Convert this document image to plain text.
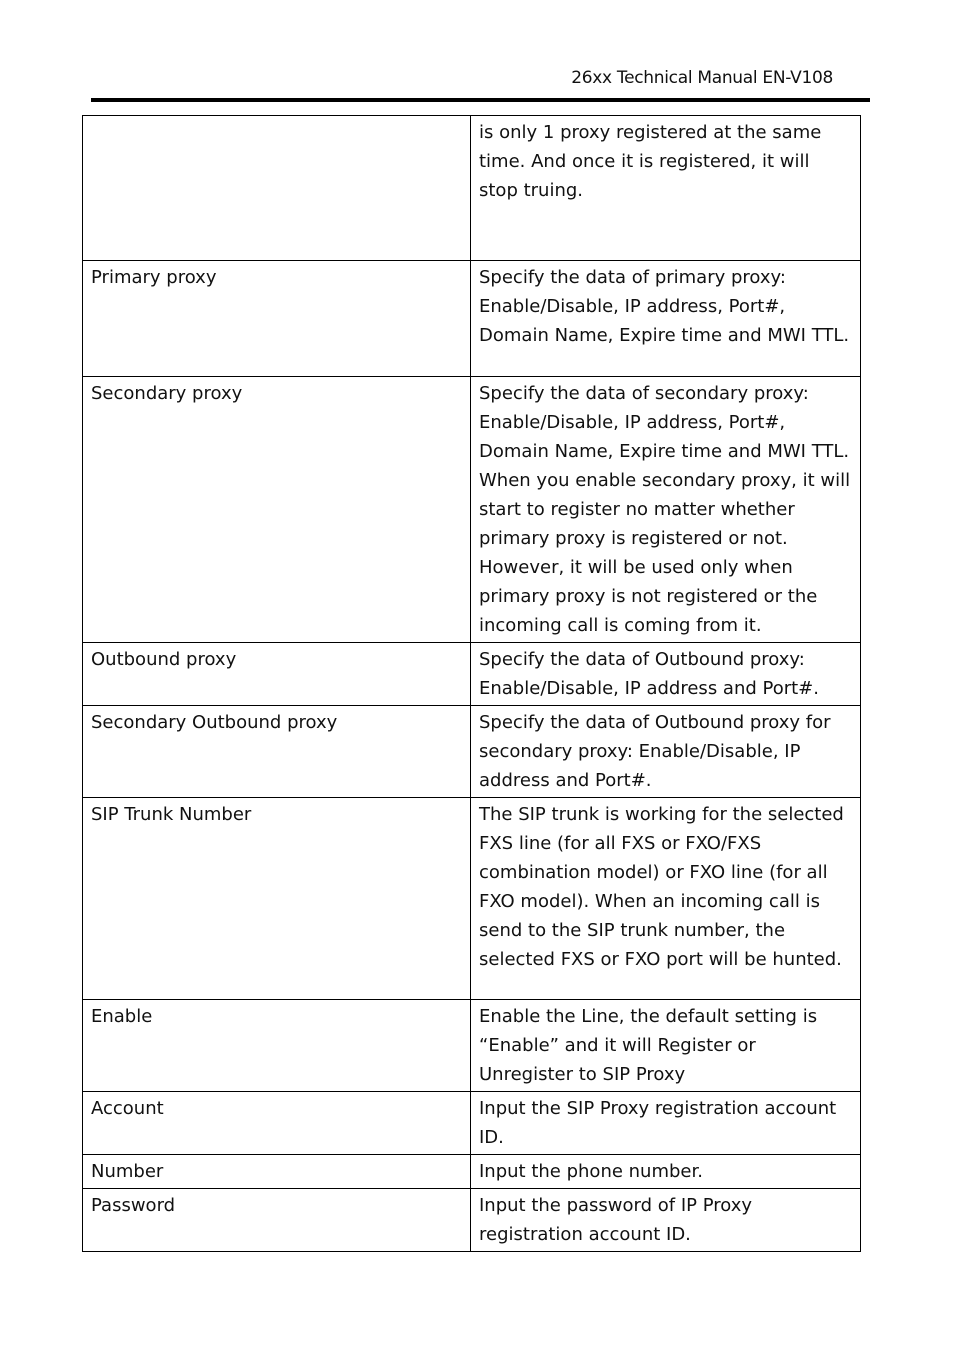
26xx Technical Manual EN-V108
	is only 1 proxy registered at the same time. And once it is registered, it will stop truing.
Primary proxy	Specify the data of primary proxy: Enable/Disable, IP address, Port#, Domain Name, Expire time and MWI TTL.
Secondary proxy	Specify the data of secondary proxy: Enable/Disable, IP address, Port#, Domain Name, Expire time and MWI TTL. When you enable secondary proxy, it will start to register no matter whether primary proxy is registered or not. However, it will be used only when primary proxy is not registered or the incoming call is coming from it.
Outbound proxy	Specify the data of Outbound proxy: Enable/Disable, IP address and Port#.
Secondary Outbound proxy	Specify the data of Outbound proxy for secondary proxy: Enable/Disable, IP address and Port#.
SIP Trunk Number	The SIP trunk is working for the selected FXS line (for all FXS or FXO/FXS combination model) or FXO line (for all FXO model). When an incoming call is send to the SIP trunk number, the selected FXS or FXO port will be hunted.
Enable	Enable the Line, the default setting is “Enable” and it will Register or Unregister to SIP Proxy
Account	Input the SIP Proxy registration account ID.
Number	Input the phone number.
Password	Input the password of IP Proxy registration account ID.
